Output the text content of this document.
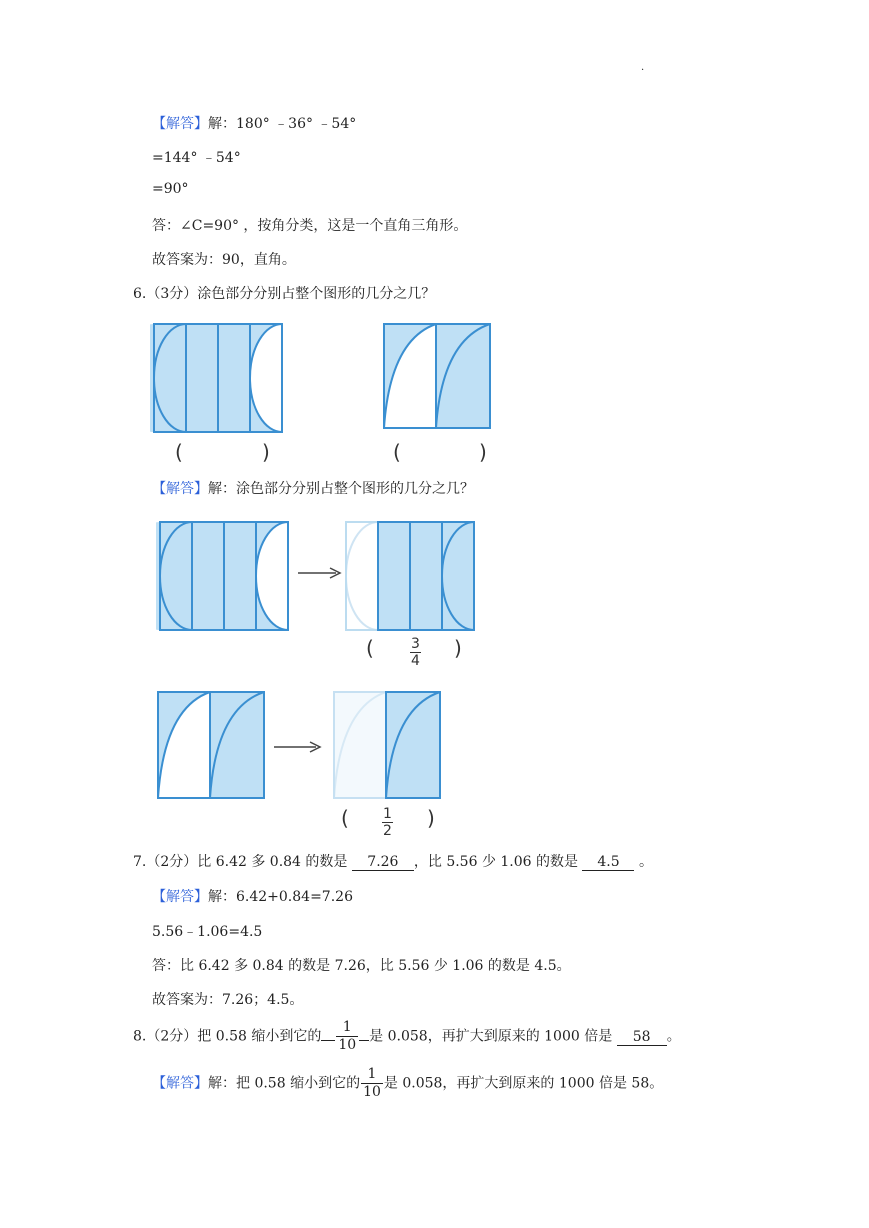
.
【解答】解：180° ﹣36° ﹣54°
=144° ﹣54°
=90°
答：∠C=90° ，按角分类，这是一个直角三角形。
故答案为：90，直角。
6.（3分）涂色部分分别占整个图形的几分之几？
(	)	(	)
【解答】解：涂色部分分别占整个图形的几分之几？
(	3
4
)
( 1
2
)
7.（2分）比 6.42 多 0.84 的数是 7.26 ，比 5.56 少 1.06 的数是 4.5 。
【解答】解：6.42+0.84=7.26
5.56﹣1.06=4.5
答：比 6.42 多 0.84 的数是 7.26，比 5.56 少 1.06 的数是 4.5。
故答案为：7.26；4.5。
8.（2分）把 0.58 缩小到它的 $\frac{1}{10}$ 是 0.058，再扩大到原来的 1000 倍是 58 。
【解答】解：把 0.58 缩小到它的 $\frac{1}{10}$ 是 0.058，再扩大到原来的 1000 倍是 58。
